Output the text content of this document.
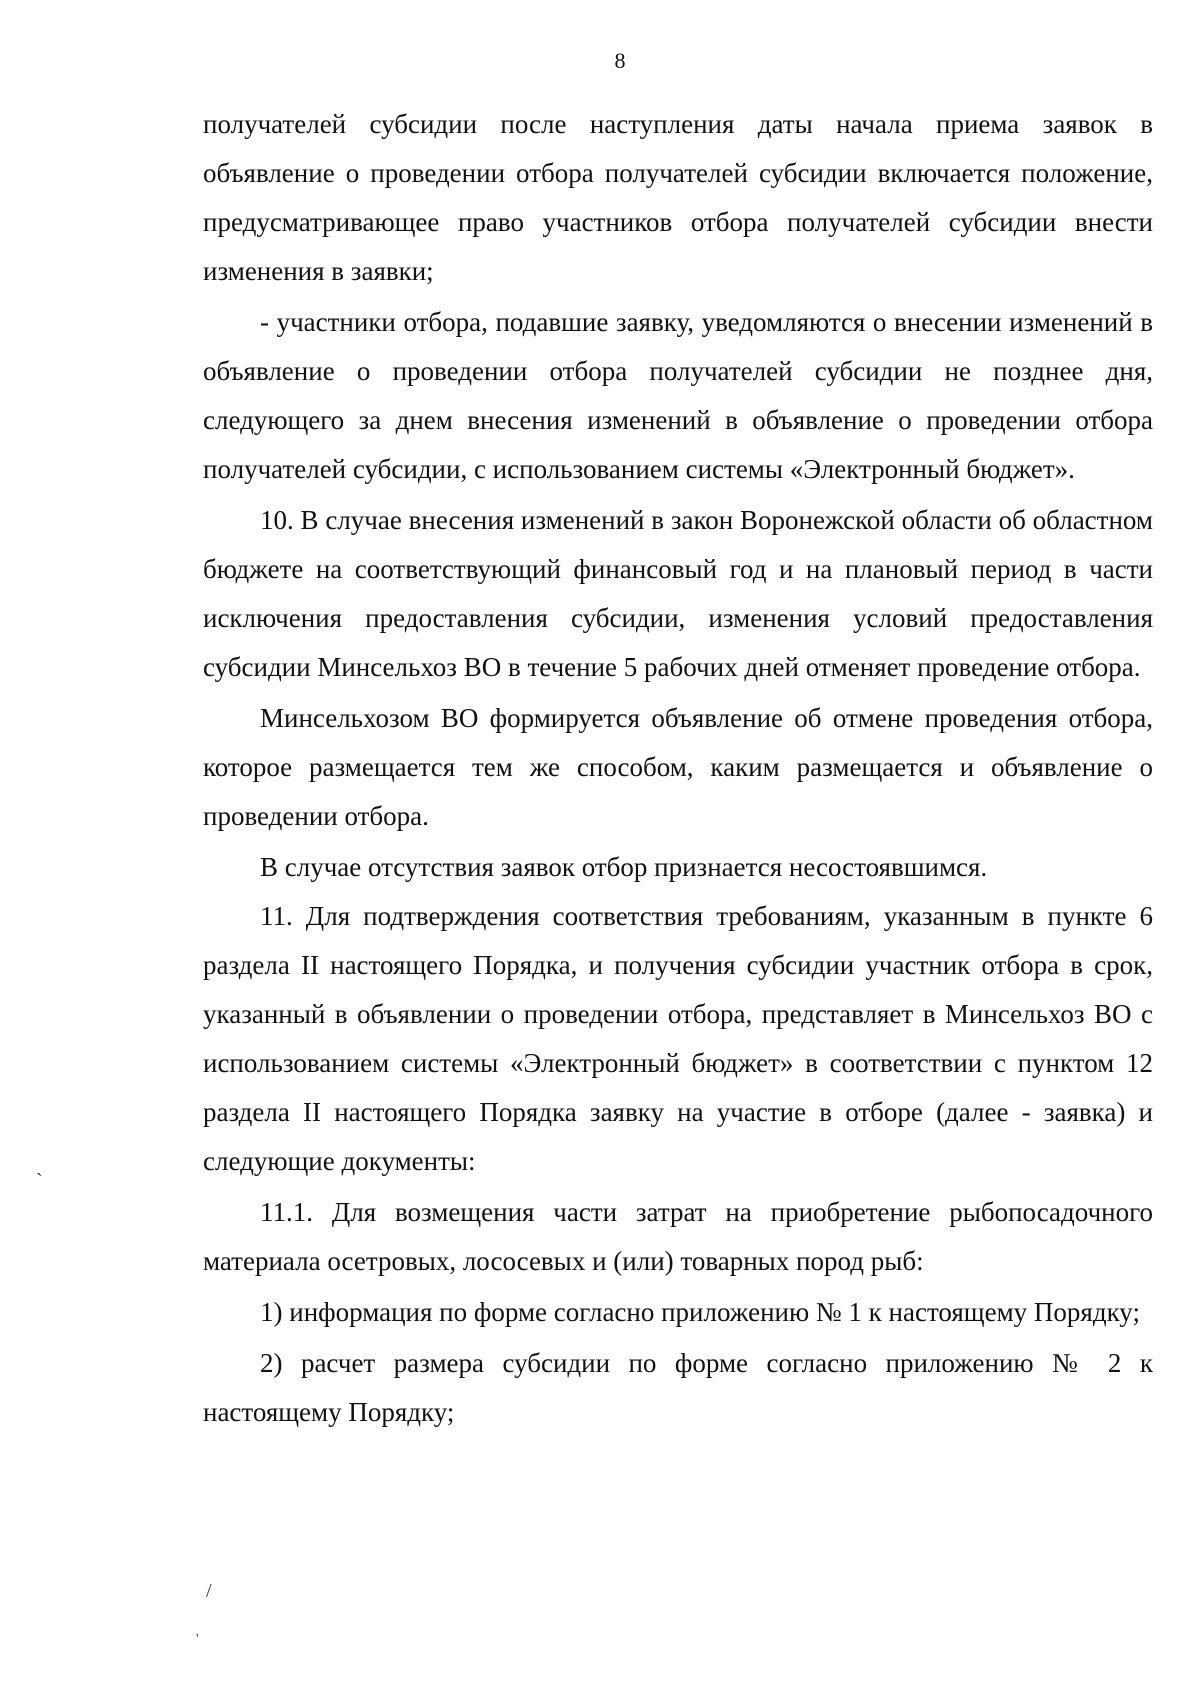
8

получателей субсидии после наступления даты начала приема заявок в объявление о проведении отбора получателей субсидии включается положение, предусматривающее право участников отбора получателей субсидии внести изменения в заявки;

- участники отбора, подавшие заявку, уведомляются о внесении изменений в объявление о проведении отбора получателей субсидии не позднее дня, следующего за днем внесения изменений в объявление о проведении отбора получателей субсидии, с использованием системы «Электронный бюджет».

10. В случае внесения изменений в закон Воронежской области об областном бюджете на соответствующий финансовый год и на плановый период в части исключения предоставления субсидии, изменения условий предоставления субсидии Минсельхоз ВО в течение 5 рабочих дней отменяет проведение отбора.

Минсельхозом ВО формируется объявление об отмене проведения отбора, которое размещается тем же способом, каким размещается и объявление о проведении отбора.

В случае отсутствия заявок отбор признается несостоявшимся.

11. Для подтверждения соответствия требованиям, указанным в пункте 6 раздела II настоящего Порядка, и получения субсидии участник отбора в срок, указанный в объявлении о проведении отбора, представляет в Минсельхоз ВО с использованием системы «Электронный бюджет» в соответствии с пунктом 12 раздела II настоящего Порядка заявку на участие в отборе (далее - заявка) и следующие документы:

11.1. Для возмещения части затрат на приобретение рыбопосадочного материала осетровых, лососевых и (или) товарных пород рыб:

1) информация по форме согласно приложению № 1 к настоящему Порядку;

2) расчет размера субсидии по форме согласно приложению № 2 к настоящему Порядку;

`
/
'
